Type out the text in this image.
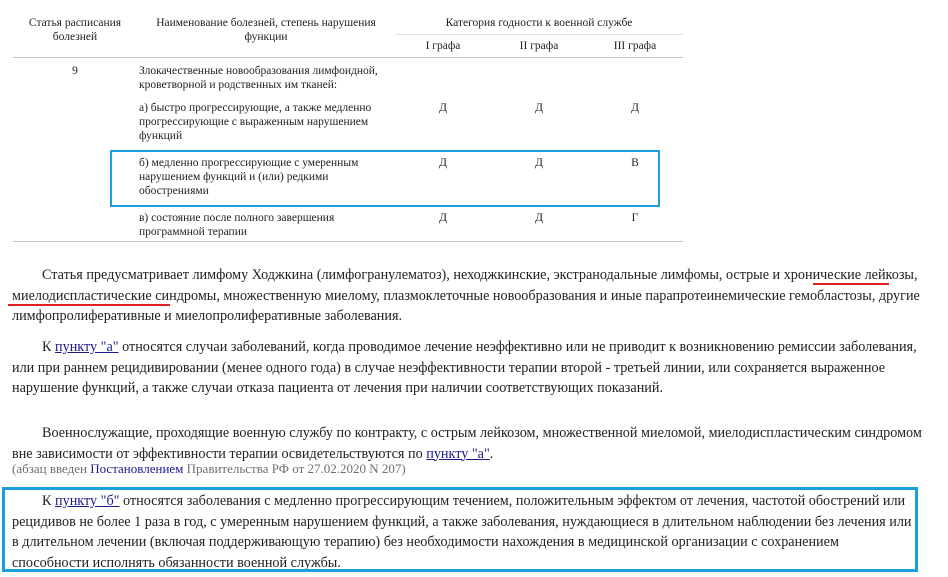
Статья расписания болезней	Наименование болезней, степень нарушения функции	Категория годности к военной службе		
		I графа	II графа	III графа
9	Злокачественные новообразования лимфоидной, кроветворной и родственных им тканей:			
	а) быстро прогрессирующие, а также медленно прогрессирующие с выраженным нарушением функций	Д	Д	Д
	б) медленно прогрессирующие с умеренным нарушением функций и (или) редкими обострениями	Д	Д	В
	в) состояние после полного завершения программной терапии	Д	Д	Г

Статья предусматривает лимфому Ходжкина (лимфогранулематоз), неходжкинские, экстранодальные лимфомы, острые и хронические лейкозы, миелодиспластические синдромы, множественную миелому, плазмоклеточные новообразования и иные парапротеинемические гемобластозы, другие лимфопролиферативные и миелопролиферативные заболевания.

К пункту "а" относятся случаи заболеваний, когда проводимое лечение неэффективно или не приводит к возникновению ремиссии заболевания, или при раннем рецидивировании (менее одного года) в случае неэффективности терапии второй - третьей линии, или сохраняется выраженное нарушение функций, а также случаи отказа пациента от лечения при наличии соответствующих показаний.

Военнослужащие, проходящие военную службу по контракту, с острым лейкозом, множественной миеломой, миелодиспластическим синдромом вне зависимости от эффективности терапии освидетельствуются по пункту "а".

(абзац введен Постановлением Правительства РФ от 27.02.2020 N 207)

К пункту "б" относятся заболевания с медленно прогрессирующим течением, положительным эффектом от лечения, частотой обострений или рецидивов не более 1 раза в год, с умеренным нарушением функций, а также заболевания, нуждающиеся в длительном наблюдении без лечения или в длительном лечении (включая поддерживающую терапию) без необходимости нахождения в медицинской организации с сохранением способности исполнять обязанности военной службы.
